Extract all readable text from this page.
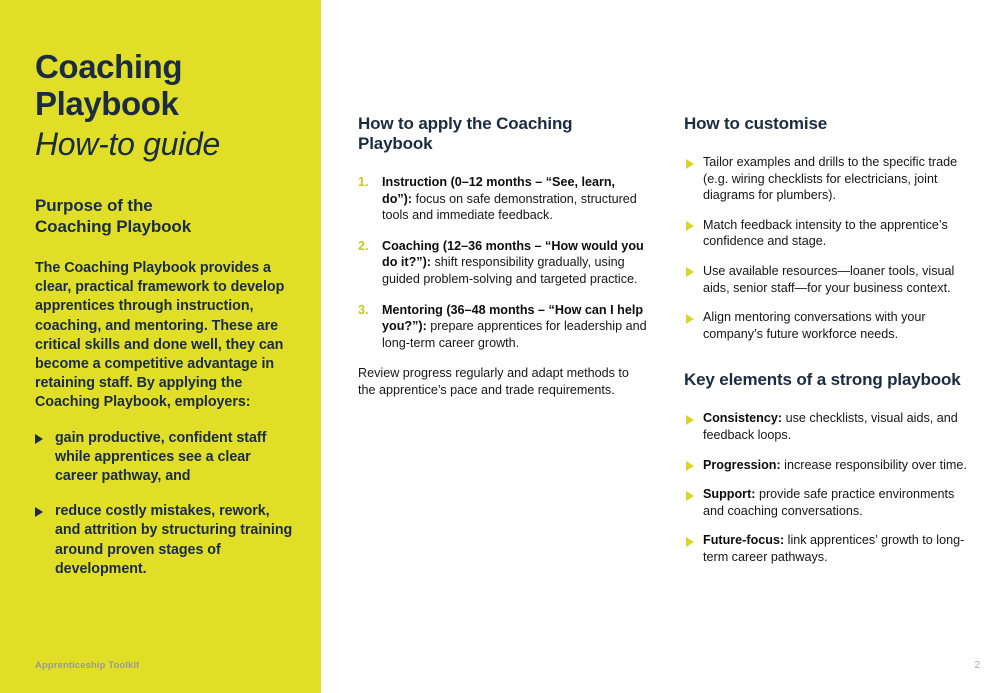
Coaching
Playbook
How-to guide
Purpose of the
Coaching Playbook
The Coaching Playbook provides a clear, practical framework to develop apprentices through instruction, coaching, and mentoring. These are critical skills and done well, they can become a competitive advantage in retaining staff. By applying the Coaching Playbook, employers:
gain productive, confident staff while apprentices see a clear career pathway, and
reduce costly mistakes, rework, and attrition by structuring training around proven stages of development.
Apprenticeship Toolkit
How to apply the Coaching Playbook
1. Instruction (0–12 months – “See, learn, do”): focus on safe demonstration, structured tools and immediate feedback.
2. Coaching (12–36 months – “How would you do it?”): shift responsibility gradually, using guided problem-solving and targeted practice.
3. Mentoring (36–48 months – “How can I help you?”): prepare apprentices for leadership and long-term career growth.
Review progress regularly and adapt methods to the apprentice’s pace and trade requirements.
How to customise
Tailor examples and drills to the specific trade (e.g. wiring checklists for electricians, joint diagrams for plumbers).
Match feedback intensity to the apprentice’s confidence and stage.
Use available resources—loaner tools, visual aids, senior staff—for your business context.
Align mentoring conversations with your company’s future workforce needs.
Key elements of a strong playbook
Consistency: use checklists, visual aids, and feedback loops.
Progression: increase responsibility over time.
Support: provide safe practice environments and coaching conversations.
Future-focus: link apprentices’ growth to long-term career pathways.
2
